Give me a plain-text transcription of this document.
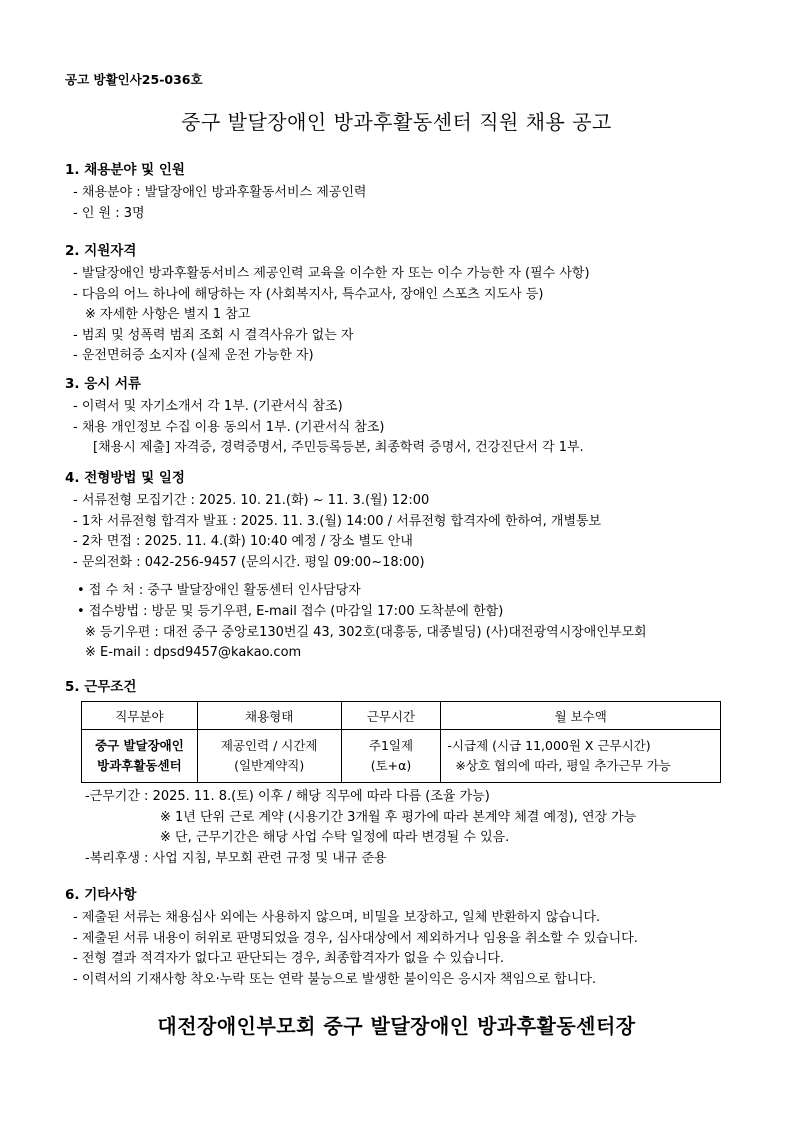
공고 방활인사25-036호
중구 발달장애인 방과후활동센터 직원 채용 공고
1. 채용분야 및 인원
- 채용분야 : 발달장애인 방과후활동서비스 제공인력
- 인 원 : 3명
2. 지원자격
- 발달장애인 방과후활동서비스 제공인력 교육을 이수한 자 또는 이수 가능한 자 (필수 사항)
- 다음의 어느 하나에 해당하는 자 (사회복지사, 특수교사, 장애인 스포츠 지도사 등)
※ 자세한 사항은 별지 1 참고
- 범죄 및 성폭력 범죄 조회 시 결격사유가 없는 자
- 운전면허증 소지자 (실제 운전 가능한 자)
3. 응시 서류
- 이력서 및 자기소개서 각 1부. (기관서식 참조)
- 채용 개인정보 수집 이용 동의서 1부. (기관서식 참조)
[채용시 제출] 자격증, 경력증명서, 주민등록등본, 최종학력 증명서, 건강진단서 각 1부.
4. 전형방법 및 일정
- 서류전형 모집기간 : 2025. 10. 21.(화) ~ 11. 3.(월) 12:00
- 1차 서류전형 합격자 발표 : 2025. 11. 3.(월) 14:00 / 서류전형 합격자에 한하여, 개별통보
- 2차 면접 : 2025. 11. 4.(화) 10:40 예정 / 장소 별도 안내
- 문의전화 : 042-256-9457 (문의시간. 평일 09:00~18:00)
• 접 수 처 : 중구 발달장애인 활동센터 인사담당자
• 접수방법 : 방문 및 등기우편, E-mail 접수 (마감일 17:00 도착분에 한함)
※ 등기우편 : 대전 중구 중앙로130번길 43, 302호(대흥동, 대종빌딩) (사)대전광역시장애인부모회
※ E-mail : dpsd9457@kakao.com
5. 근무조건
직무분야	채용형태	근무시간	월 보수액
중구 발달장애인	제공인력 / 시간제	주1일제	-시급제 (시급 11,000원 X 근무시간)
방과후활동센터	(일반계약직)	(토+α)	※상호 협의에 따라, 평일 추가근무 가능
-근무기간 : 2025. 11. 8.(토) 이후 / 해당 직무에 따라 다름 (조율 가능)
※ 1년 단위 근로 계약 (시용기간 3개월 후 평가에 따라 본계약 체결 예정), 연장 가능
※ 단, 근무기간은 해당 사업 수탁 일정에 따라 변경될 수 있음.
-복리후생 : 사업 지침, 부모회 관련 규정 및 내규 준용
6. 기타사항
- 제출된 서류는 채용심사 외에는 사용하지 않으며, 비밀을 보장하고, 일체 반환하지 않습니다.
- 제출된 서류 내용이 허위로 판명되었을 경우, 심사대상에서 제외하거나 임용을 취소할 수 있습니다.
- 전형 결과 적격자가 없다고 판단되는 경우, 최종합격자가 없을 수 있습니다.
- 이력서의 기재사항 착오·누락 또는 연락 불능으로 발생한 불이익은 응시자 책임으로 합니다.
대전장애인부모회 중구 발달장애인 방과후활동센터장
